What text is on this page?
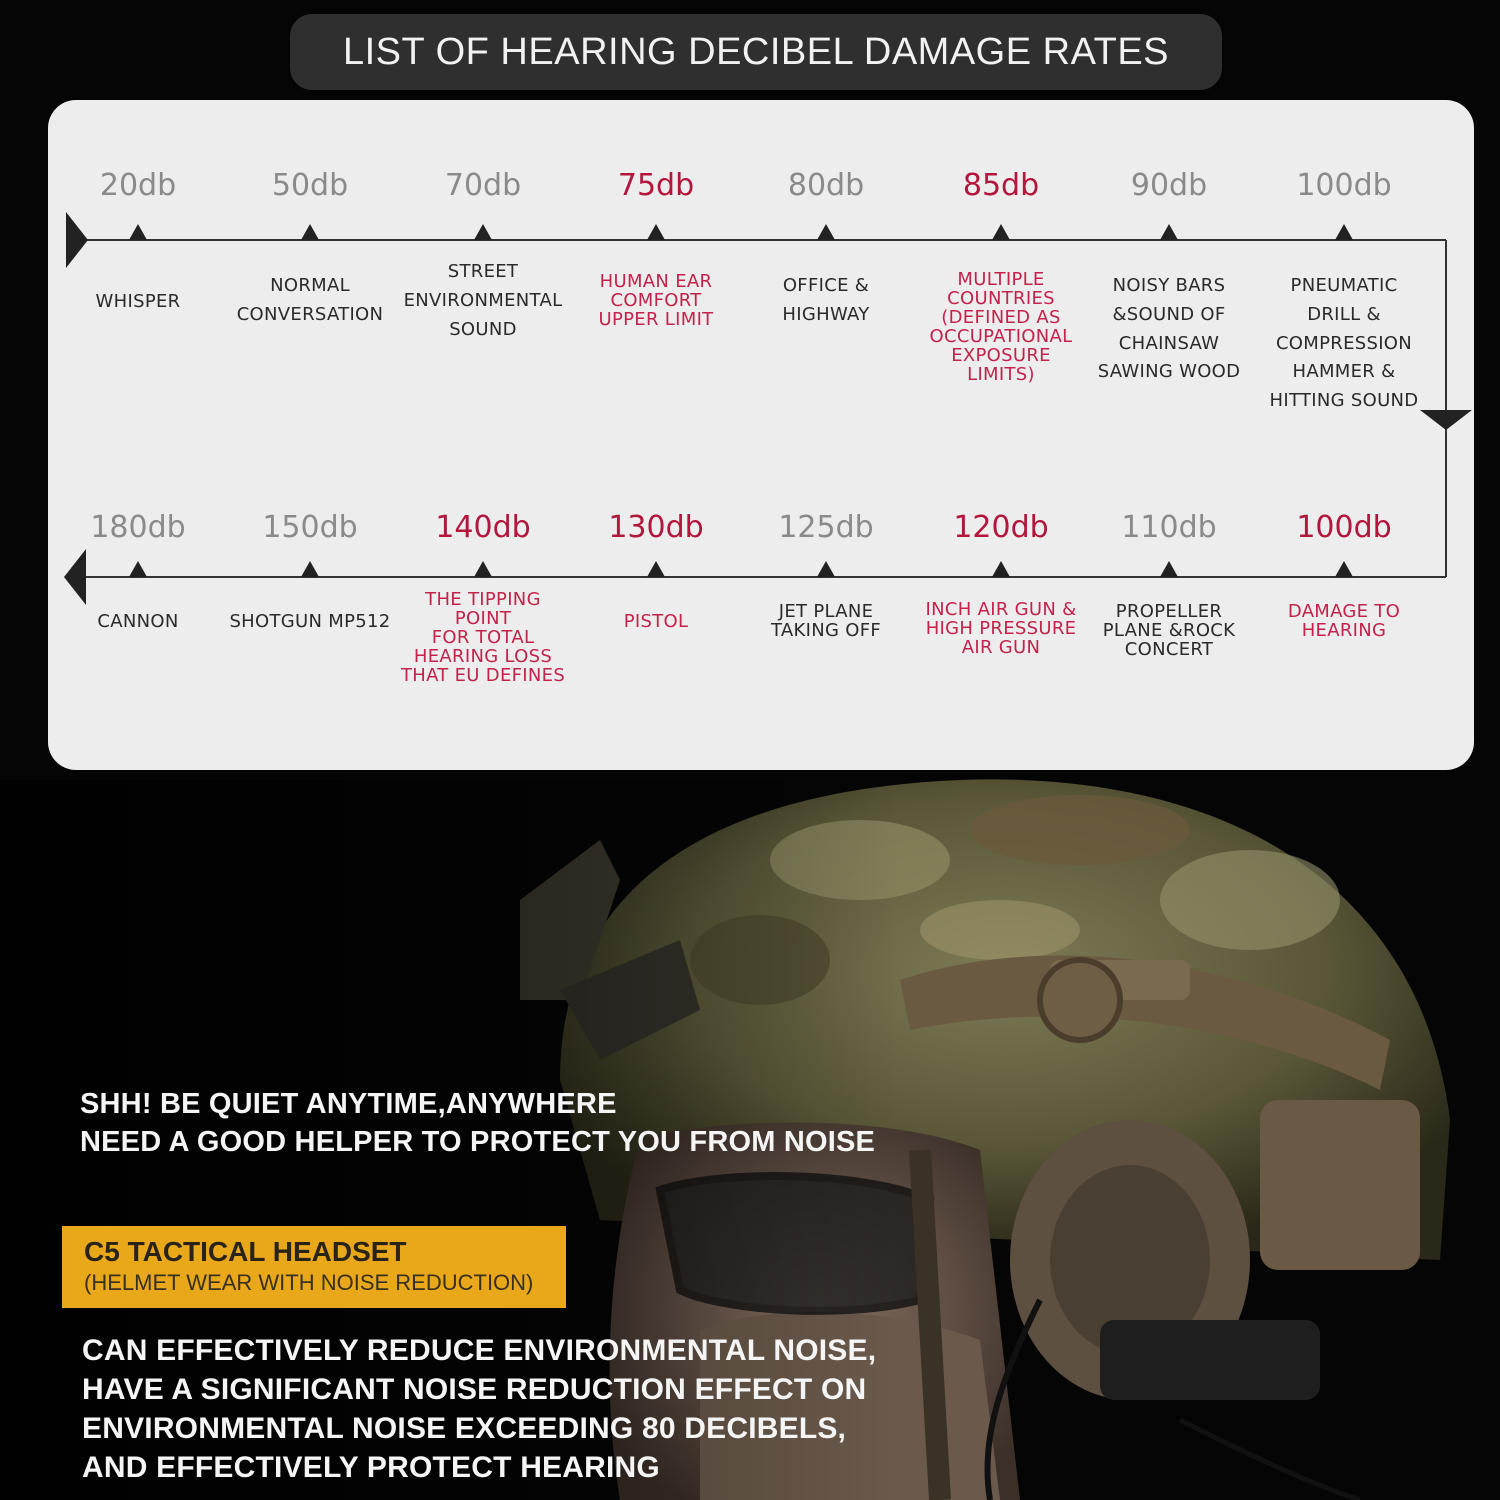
LIST OF HEARING DECIBEL DAMAGE RATES
20db
WHISPER
50db
NORMAL
CONVERSATION
70db
STREET
ENVIRONMENTAL
SOUND
75db
HUMAN EAR
COMFORT
UPPER LIMIT
80db
OFFICE &
HIGHWAY
85db
MULTIPLE
COUNTRIES
(DEFINED AS
OCCUPATIONAL
EXPOSURE
LIMITS)
90db
NOISY BARS
&SOUND OF
CHAINSAW
SAWING WOOD
100db
PNEUMATIC
DRILL &
COMPRESSION
HAMMER &
HITTING SOUND
180db
CANNON
150db
SHOTGUN MP512
140db
THE TIPPING
POINT
FOR TOTAL
HEARING LOSS
THAT EU DEFINES
130db
PISTOL
125db
JET PLANE
TAKING OFF
120db
INCH AIR GUN &
HIGH PRESSURE
AIR GUN
110db
PROPELLER
PLANE &ROCK
CONCERT
100db
DAMAGE TO
HEARING
SHH! BE QUIET ANYTIME,ANYWHERE
NEED A GOOD HELPER TO PROTECT YOU FROM NOISE
C5 TACTICAL HEADSET
(HELMET WEAR WITH NOISE REDUCTION)
CAN EFFECTIVELY REDUCE ENVIRONMENTAL NOISE,
HAVE A SIGNIFICANT NOISE REDUCTION EFFECT ON
ENVIRONMENTAL NOISE EXCEEDING 80 DECIBELS,
AND EFFECTIVELY PROTECT HEARING
